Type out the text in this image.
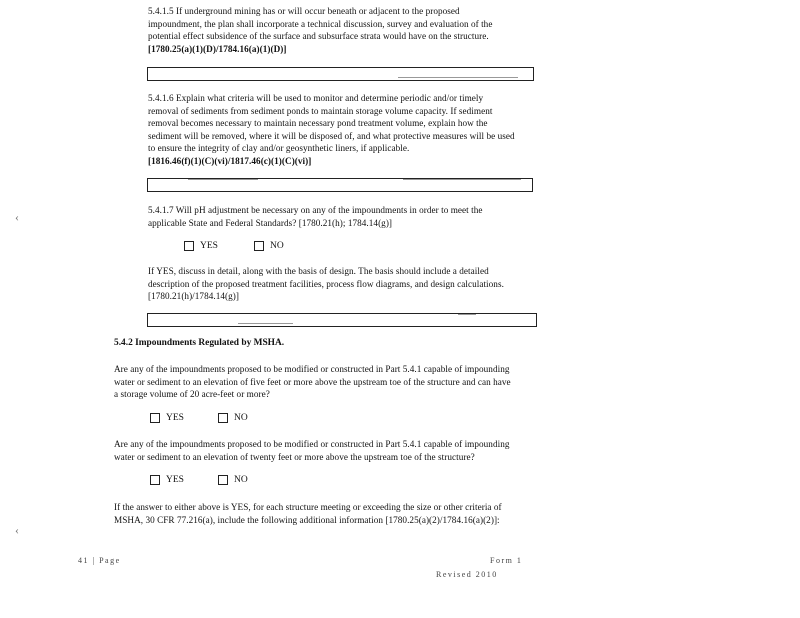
‹
‹
5.4.1.5 If underground mining has or will occur beneath or adjacent to the proposed
impoundment, the plan shall incorporate a technical discussion, survey and evaluation of the
potential effect subsidence of the surface and subsurface strata would have on the structure.
[1780.25(a)(1)(D)/1784.16(a)(1)(D)]
5.4.1.6 Explain what criteria will be used to monitor and determine periodic and/or timely
removal of sediments from sediment ponds to maintain storage volume capacity. If sediment
removal becomes necessary to maintain necessary pond treatment volume, explain how the
sediment will be removed, where it will be disposed of, and what protective measures will be used
to ensure the integrity of clay and/or geosynthetic liners, if applicable.
[1816.46(f)(1)(C)(vi)/1817.46(c)(1)(C)(vi)]
5.4.1.7 Will pH adjustment be necessary on any of the impoundments in order to meet the
applicable State and Federal Standards? [1780.21(h); 1784.14(g)]
YES	NO
If YES, discuss in detail, along with the basis of design. The basis should include a detailed
description of the proposed treatment facilities, process flow diagrams, and design calculations.
[1780.21(h)/1784.14(g)]
5.4.2 Impoundments Regulated by MSHA.
Are any of the impoundments proposed to be modified or constructed in Part 5.4.1 capable of impounding
water or sediment to an elevation of five feet or more above the upstream toe of the structure and can have
a storage volume of 20 acre-feet or more?
YES	NO
Are any of the impoundments proposed to be modified or constructed in Part 5.4.1 capable of impounding
water or sediment to an elevation of twenty feet or more above the upstream toe of the structure?
YES	NO
If the answer to either above is YES, for each structure meeting or exceeding the size or other criteria of
MSHA, 30 CFR 77.216(a), include the following additional information [1780.25(a)(2)/1784.16(a)(2)]:
41 | Page	Form 1
Revised 2010
